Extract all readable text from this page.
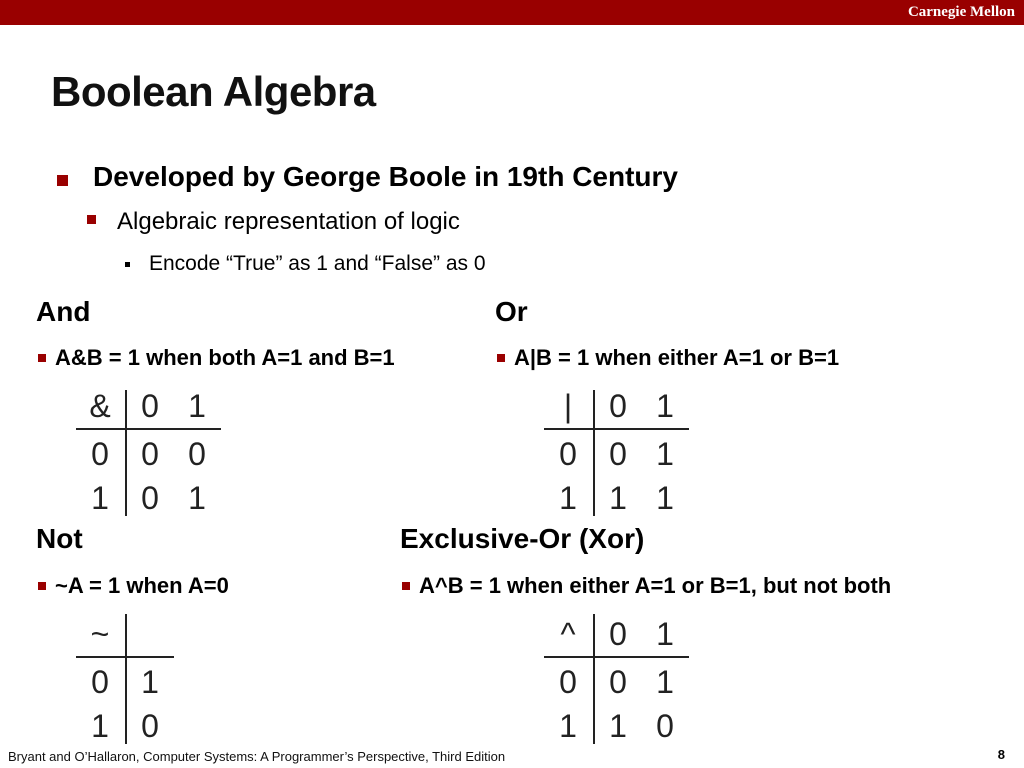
Carnegie Mellon
Boolean Algebra
Developed by George Boole in 19th Century
Algebraic representation of logic
Encode “True” as 1 and “False” as 0
And
A&B = 1 when both A=1 and B=1
& 0 1
0	0 0
1	0 1
Or
A|B = 1 when either A=1 or B=1
|	0 1
0	0 1
1	1 1
Not
~A = 1 when A=0
~
0	1
1	0
Exclusive-Or (Xor)
A^B = 1 when either A=1 or B=1, but not both
^	0 1
0	0 1
1	1 0
Bryant and O’Hallaron, Computer Systems: A Programmer’s Perspective, Third Edition	8
